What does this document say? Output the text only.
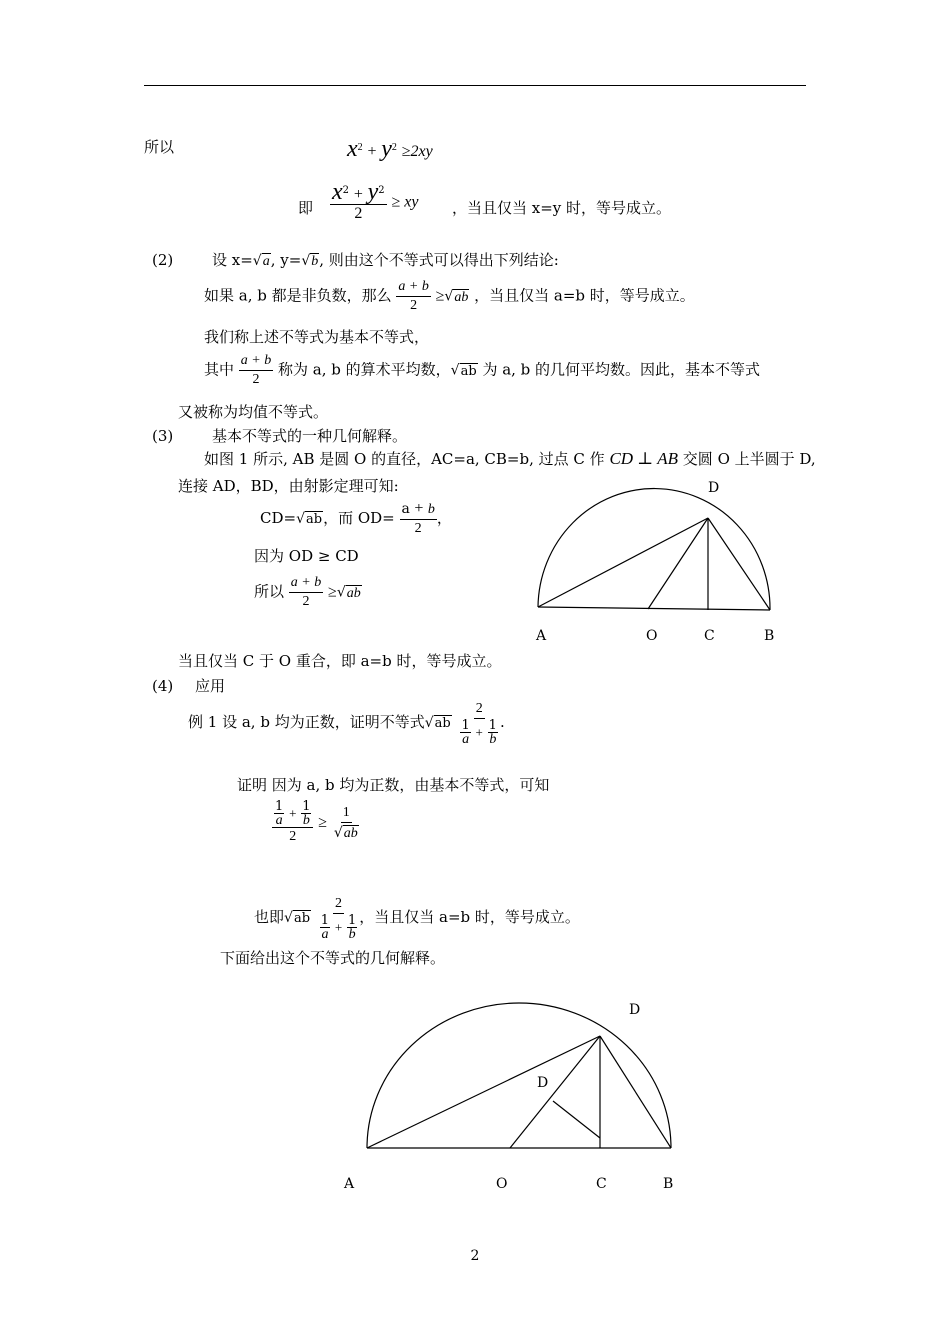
所以	$x^2 + y^2 \ge 2xy$
即 $\frac{x^2 + y^2}{2}$ ≥ xy ，当且仅当 x=y 时，等号成立。
(2)	设 x=√a, y=√b, 则由这个不等式可以得出下列结论:
如果 a, b 都是非负数，那么 $\frac{a + b}{2} \ge√ab$ ，当且仅当 a=b 时，等号成立。
我们称上述不等式为基本不等式，
其中 $\frac{a + b}{2}$ 称为 a, b 的算术平均数，√ab 为 a, b 的几何平均数。因此，基本不等式
又被称为均值不等式。
(3)	基本不等式的一种几何解释。
如图 1 所示, AB 是圆 O 的直径，AC=a, CB=b, 过点 C 作 CD ⊥ AB 交圆 O 上半圆于 D,
连接 AD，BD，由射影定理可知:
CD=√ab，而 $OD= \frac{a + b}{2}$ ，
因为 OD ≥ CD
所以 $\frac{a + b}{2} \ge√ab$
D
A	O	C	B
当且仅当 C 于 O 重合，即 a=b 时，等号成立。
(4) 应用
例 1 设 a, b 均为正数，证明不等式$√ab \frac{2}{\frac{1}{a} + \frac{1}{b}}$ .
证明 因为 a, b 均为正数，由基本不等式，可知
$\frac{\frac{1}{a} + \frac{1}{b}}{2} \ge \frac{1}{√ab}$
也即$√ab \frac{2}{\frac{1}{a} + \frac{1}{b}}$ ，当且仅当 a=b 时，等号成立。
下面给出这个不等式的几何解释。
D
D
A	O	C	B
2
